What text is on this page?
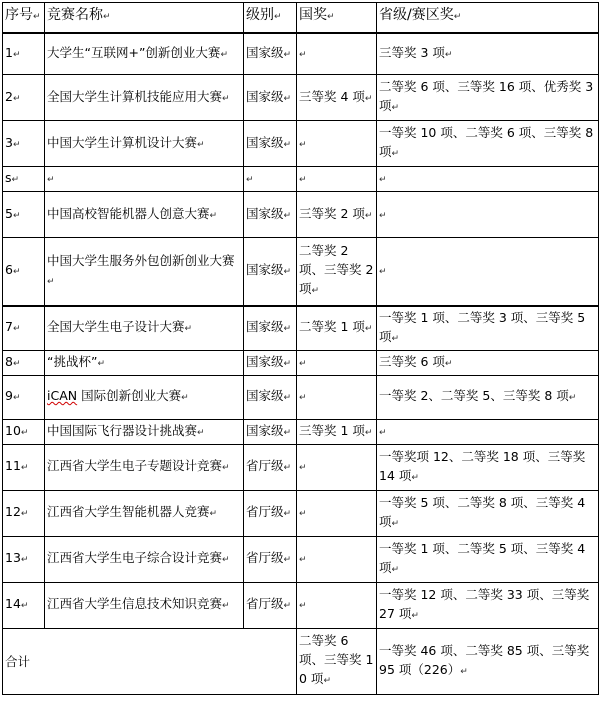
序号↵	竞赛名称↵	级别↵	国奖↵	省级/赛区奖↵
1↵	大学生“互联网+”创新创业大赛↵	国家级↵	↵	三等奖 3 项↵
2↵	全国大学生计算机技能应用大赛↵	国家级↵	三等奖 4 项↵	二等奖 6 项、三等奖 16 项、优秀奖 3 项↵
3↵	中国大学生计算机设计大赛↵	国家级↵	↵	一等奖 10 项、二等奖 6 项、三等奖 8 项↵
s↵	↵	↵	↵	↵
5↵	中国高校智能机器人创意大赛↵	国家级↵	三等奖 2 项↵	↵
6↵	中国大学生服务外包创新创业大赛↵	国家级↵	二等奖 2 项、三等奖 2 项↵	↵
7↵	全国大学生电子设计大赛↵	国家级↵	二等奖 1 项↵	一等奖 1 项、二等奖 3 项、三等奖 5 项↵
8↵	“挑战杯”↵	国家级↵	↵	三等奖 6 项↵
9↵	iCAN 国际创新创业大赛↵	国家级↵	↵	一等奖 2、二等奖 5、三等奖 8 项↵
10↵	中国国际飞行器设计挑战赛↵	国家级↵	三等奖 1 项↵	↵
11↵	江西省大学生电子专题设计竞赛↵	省厅级↵	↵	一等奖项 12、二等奖 18 项、三等奖 14 项↵
12↵	江西省大学生智能机器人竞赛↵	省厅级↵	↵	一等奖 5 项、二等奖 8 项、三等奖 4 项↵
13↵	江西省大学生电子综合设计竞赛↵	省厅级↵	↵	一等奖 1 项、二等奖 5 项、三等奖 4 项↵
14↵	江西省大学生信息技术知识竞赛↵	省厅级↵	↵	一等奖 12 项、二等奖 33 项、三等奖 27 项↵
合计			二等奖 6 项、三等奖 10 项↵	一等奖 46 项、二等奖 85 项、三等奖 95 项（226）↵
